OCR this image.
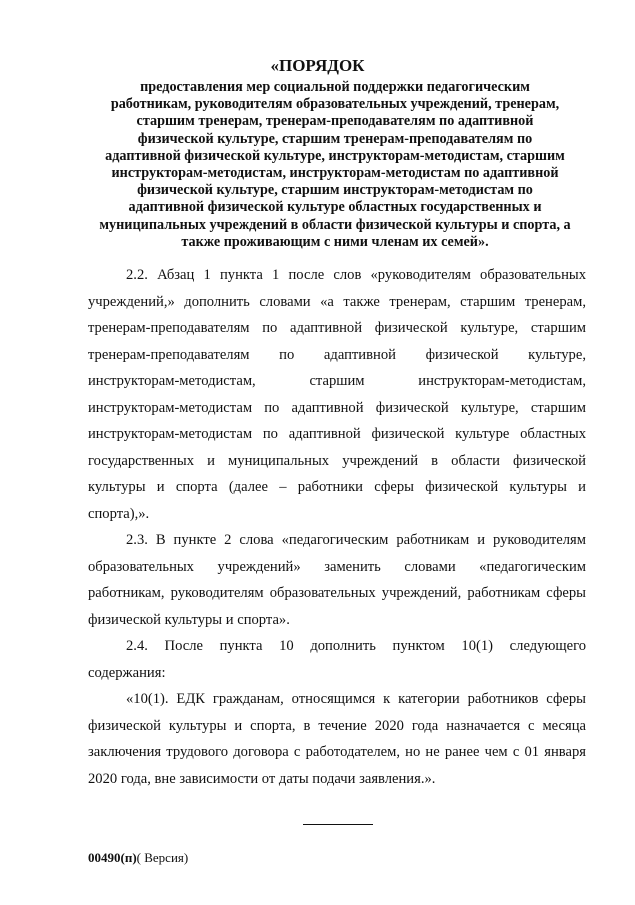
«ПОРЯДОК
предоставления мер социальной поддержки педагогическим
работникам, руководителям образовательных учреждений, тренерам,
старшим тренерам, тренерам-преподавателям по адаптивной
физической культуре, старшим тренерам-преподавателям по
адаптивной физической культуре, инструкторам-методистам, старшим
инструкторам-методистам, инструкторам-методистам по адаптивной
физической культуре, старшим инструкторам-методистам по
адаптивной физической культуре областных государственных и
муниципальных учреждений в области физической культуры и спорта, а
также проживающим с ними членам их семей».
2.2. Абзац 1 пункта 1 после слов «руководителям образовательных
учреждений,» дополнить словами «а также тренерам, старшим тренерам,
тренерам-преподавателям по адаптивной физической культуре, старшим
тренерам-преподавателям по адаптивной физической культуре,
инструкторам-методистам, старшим инструкторам-методистам,
инструкторам-методистам по адаптивной физической культуре, старшим
инструкторам-методистам по адаптивной физической культуре областных
государственных и муниципальных учреждений в области физической
культуры и спорта (далее – работники сферы физической культуры и
спорта),».
2.3. В пункте 2 слова «педагогическим работникам и руководителям
образовательных учреждений» заменить словами «педагогическим
работникам, руководителям образовательных учреждений, работникам сферы
физической культуры и спорта».
2.4. После пункта 10 дополнить пунктом 10(1) следующего
содержания:
«10(1). ЕДК гражданам, относящимся к категории работников сферы
физической культуры и спорта, в течение 2020 года назначается с месяца
заключения трудового договора с работодателем, но не ранее чем с 01 января
2020 года, вне зависимости от даты подачи заявления.».
00490(п)( Версия)
